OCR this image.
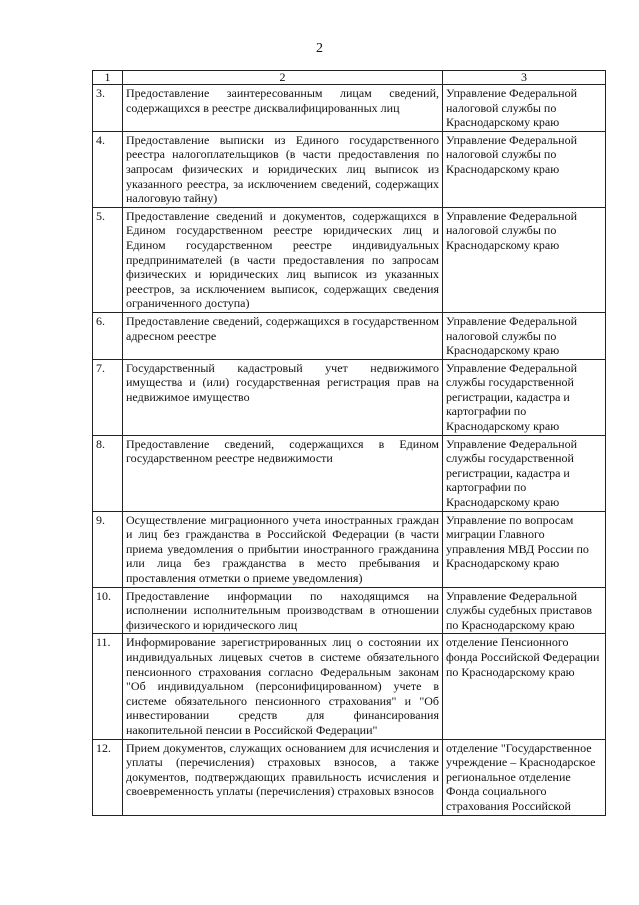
2
1	2	3
3.	Предоставление заинтересованным лицам сведений, содержащихся в реестре дисквалифицированных лиц	Управление Федеральной налоговой службы по Краснодарскому краю
4.	Предоставление выписки из Единого государственного реестра налогоплательщиков (в части предоставления по запросам физических и юридических лиц выписок из указанного реестра, за исключением сведений, содержащих налоговую тайну)	Управление Федеральной налоговой службы по Краснодарскому краю
5.	Предоставление сведений и документов, содержащихся в Едином государственном реестре юридических лиц и Едином государственном реестре индивидуальных предпринимателей (в части предоставления по запросам физических и юридических лиц выписок из указанных реестров, за исключением выписок, содержащих сведения ограниченного доступа)	Управление Федеральной налоговой службы по Краснодарскому краю
6.	Предоставление сведений, содержащихся в государственном адресном реестре	Управление Федеральной налоговой службы по Краснодарскому краю
7.	Государственный кадастровый учет недвижимого имущества и (или) государственная регистрация прав на недвижимое имущество	Управление Федеральной службы государственной регистрации, кадастра и картографии по Краснодарскому краю
8.	Предоставление сведений, содержащихся в Едином государственном реестре недвижимости	Управление Федеральной службы государственной регистрации, кадастра и картографии по Краснодарскому краю
9.	Осуществление миграционного учета иностранных граждан и лиц без гражданства в Российской Федерации (в части приема уведомления о прибытии иностранного гражданина или лица без гражданства в место пребывания и проставления отметки о приеме уведомления)	Управление по вопросам миграции Главного управления МВД России по Краснодарскому краю
10.	Предоставление информации по находящимся на исполнении исполнительным производствам в отношении физического и юридического лиц	Управление Федеральной службы судебных приставов по Краснодарскому краю
11.	Информирование зарегистрированных лиц о состоянии их индивидуальных лицевых счетов в системе обязательного пенсионного страхования согласно Федеральным законам "Об индивидуальном (персонифицированном) учете в системе обязательного пенсионного страхования" и "Об инвестировании средств для финансирования накопительной пенсии в Российской Федерации"	отделение Пенсионного фонда Российской Федерации по Краснодарскому краю
12.	Прием документов, служащих основанием для исчисления и уплаты (перечисления) страховых взносов, а также документов, подтверждающих правильность исчисления и своевременность уплаты (перечисления) страховых взносов	отделение "Государственное учреждение – Краснодарское региональное отделение Фонда социального страхования Российской
